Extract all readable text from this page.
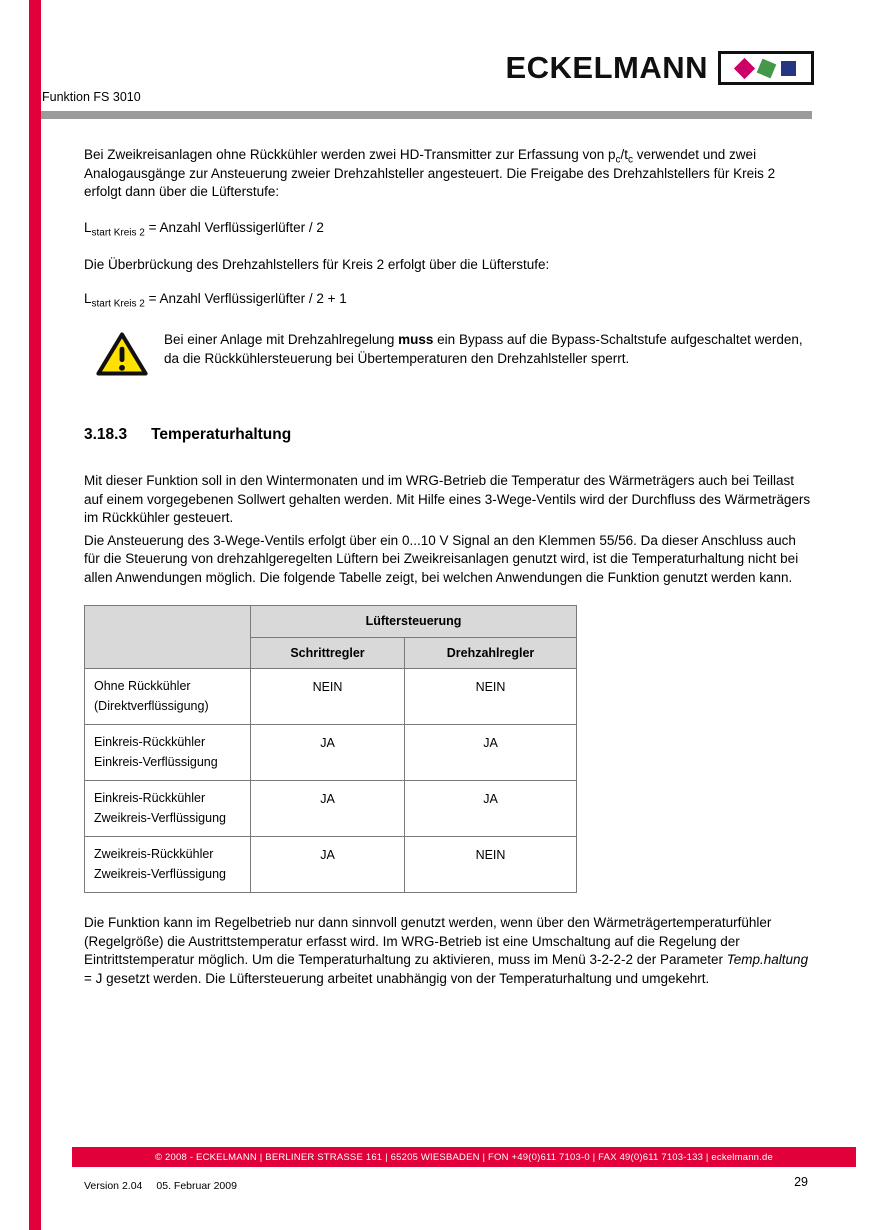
ECKELMANN
Funktion FS 3010

Bei Zweikreisanlagen ohne Rückkühler werden zwei HD-Transmitter zur Erfassung von $p_c/t_c$ verwendet und zwei Analogausgänge zur Ansteuerung zweier Drehzahlsteller angesteuert. Die Freigabe des Drehzahlstellers für Kreis 2 erfolgt dann über die Lüfterstufe:

$L_{start Kreis 2}$ = Anzahl Verflüssigerlüfter / 2

Die Überbrückung des Drehzahlstellers für Kreis 2 erfolgt über die Lüfterstufe:

$L_{start Kreis 2}$ = Anzahl Verflüssigerlüfter / 2 + 1

Bei einer Anlage mit Drehzahlregelung muss ein Bypass auf die Bypass-Schaltstufe aufgeschaltet werden, da die Rückkühlersteuerung bei Übertemperaturen den Drehzahlsteller sperrt.

3.18.3 Temperaturhaltung

Mit dieser Funktion soll in den Wintermonaten und im WRG-Betrieb die Temperatur des Wärmeträgers auch bei Teillast auf einem vorgegebenen Sollwert gehalten werden. Mit Hilfe eines 3-Wege-Ventils wird der Durchfluss des Wärmeträgers im Rückkühler gesteuert.

Die Ansteuerung des 3-Wege-Ventils erfolgt über ein 0...10 V Signal an den Klemmen 55/56. Da dieser Anschluss auch für die Steuerung von drehzahlgeregelten Lüftern bei Zweikreisanlagen genutzt wird, ist die Temperaturhaltung nicht bei allen Anwendungen möglich. Die folgende Tabelle zeigt, bei welchen Anwendungen die Funktion genutzt werden kann.

	Lüftersteuerung	
	Schrittregler	Drehzahlregler

Ohne Rückkühler
(Direktverflüssigung)	NEIN	NEIN

Einkreis-Rückkühler
Einkreis-Verflüssigung	JA	JA

Einkreis-Rückkühler
Zweikreis-Verflüssigung	JA	JA

Zweikreis-Rückkühler
Zweikreis-Verflüssigung	JA	NEIN

Die Funktion kann im Regelbetrieb nur dann sinnvoll genutzt werden, wenn über den Wärmeträgertemperaturfühler (Regelgröße) die Austrittstemperatur erfasst wird. Im WRG-Betrieb ist eine Umschaltung auf die Regelung der Eintrittstemperatur möglich. Um die Temperaturhaltung zu aktivieren, muss im Menü 3-2-2-2 der Parameter Temp.haltung = J gesetzt werden. Die Lüftersteuerung arbeitet unabhängig von der Temperaturhaltung und umgekehrt.

© 2008 - ECKELMANN | BERLINER STRASSE 161 | 65205 WIESBADEN | FON +49(0)611 7103-0 | FAX 49(0)611 7103-133 | eckelmann.de
Version 2.04 05. Februar 2009	29
